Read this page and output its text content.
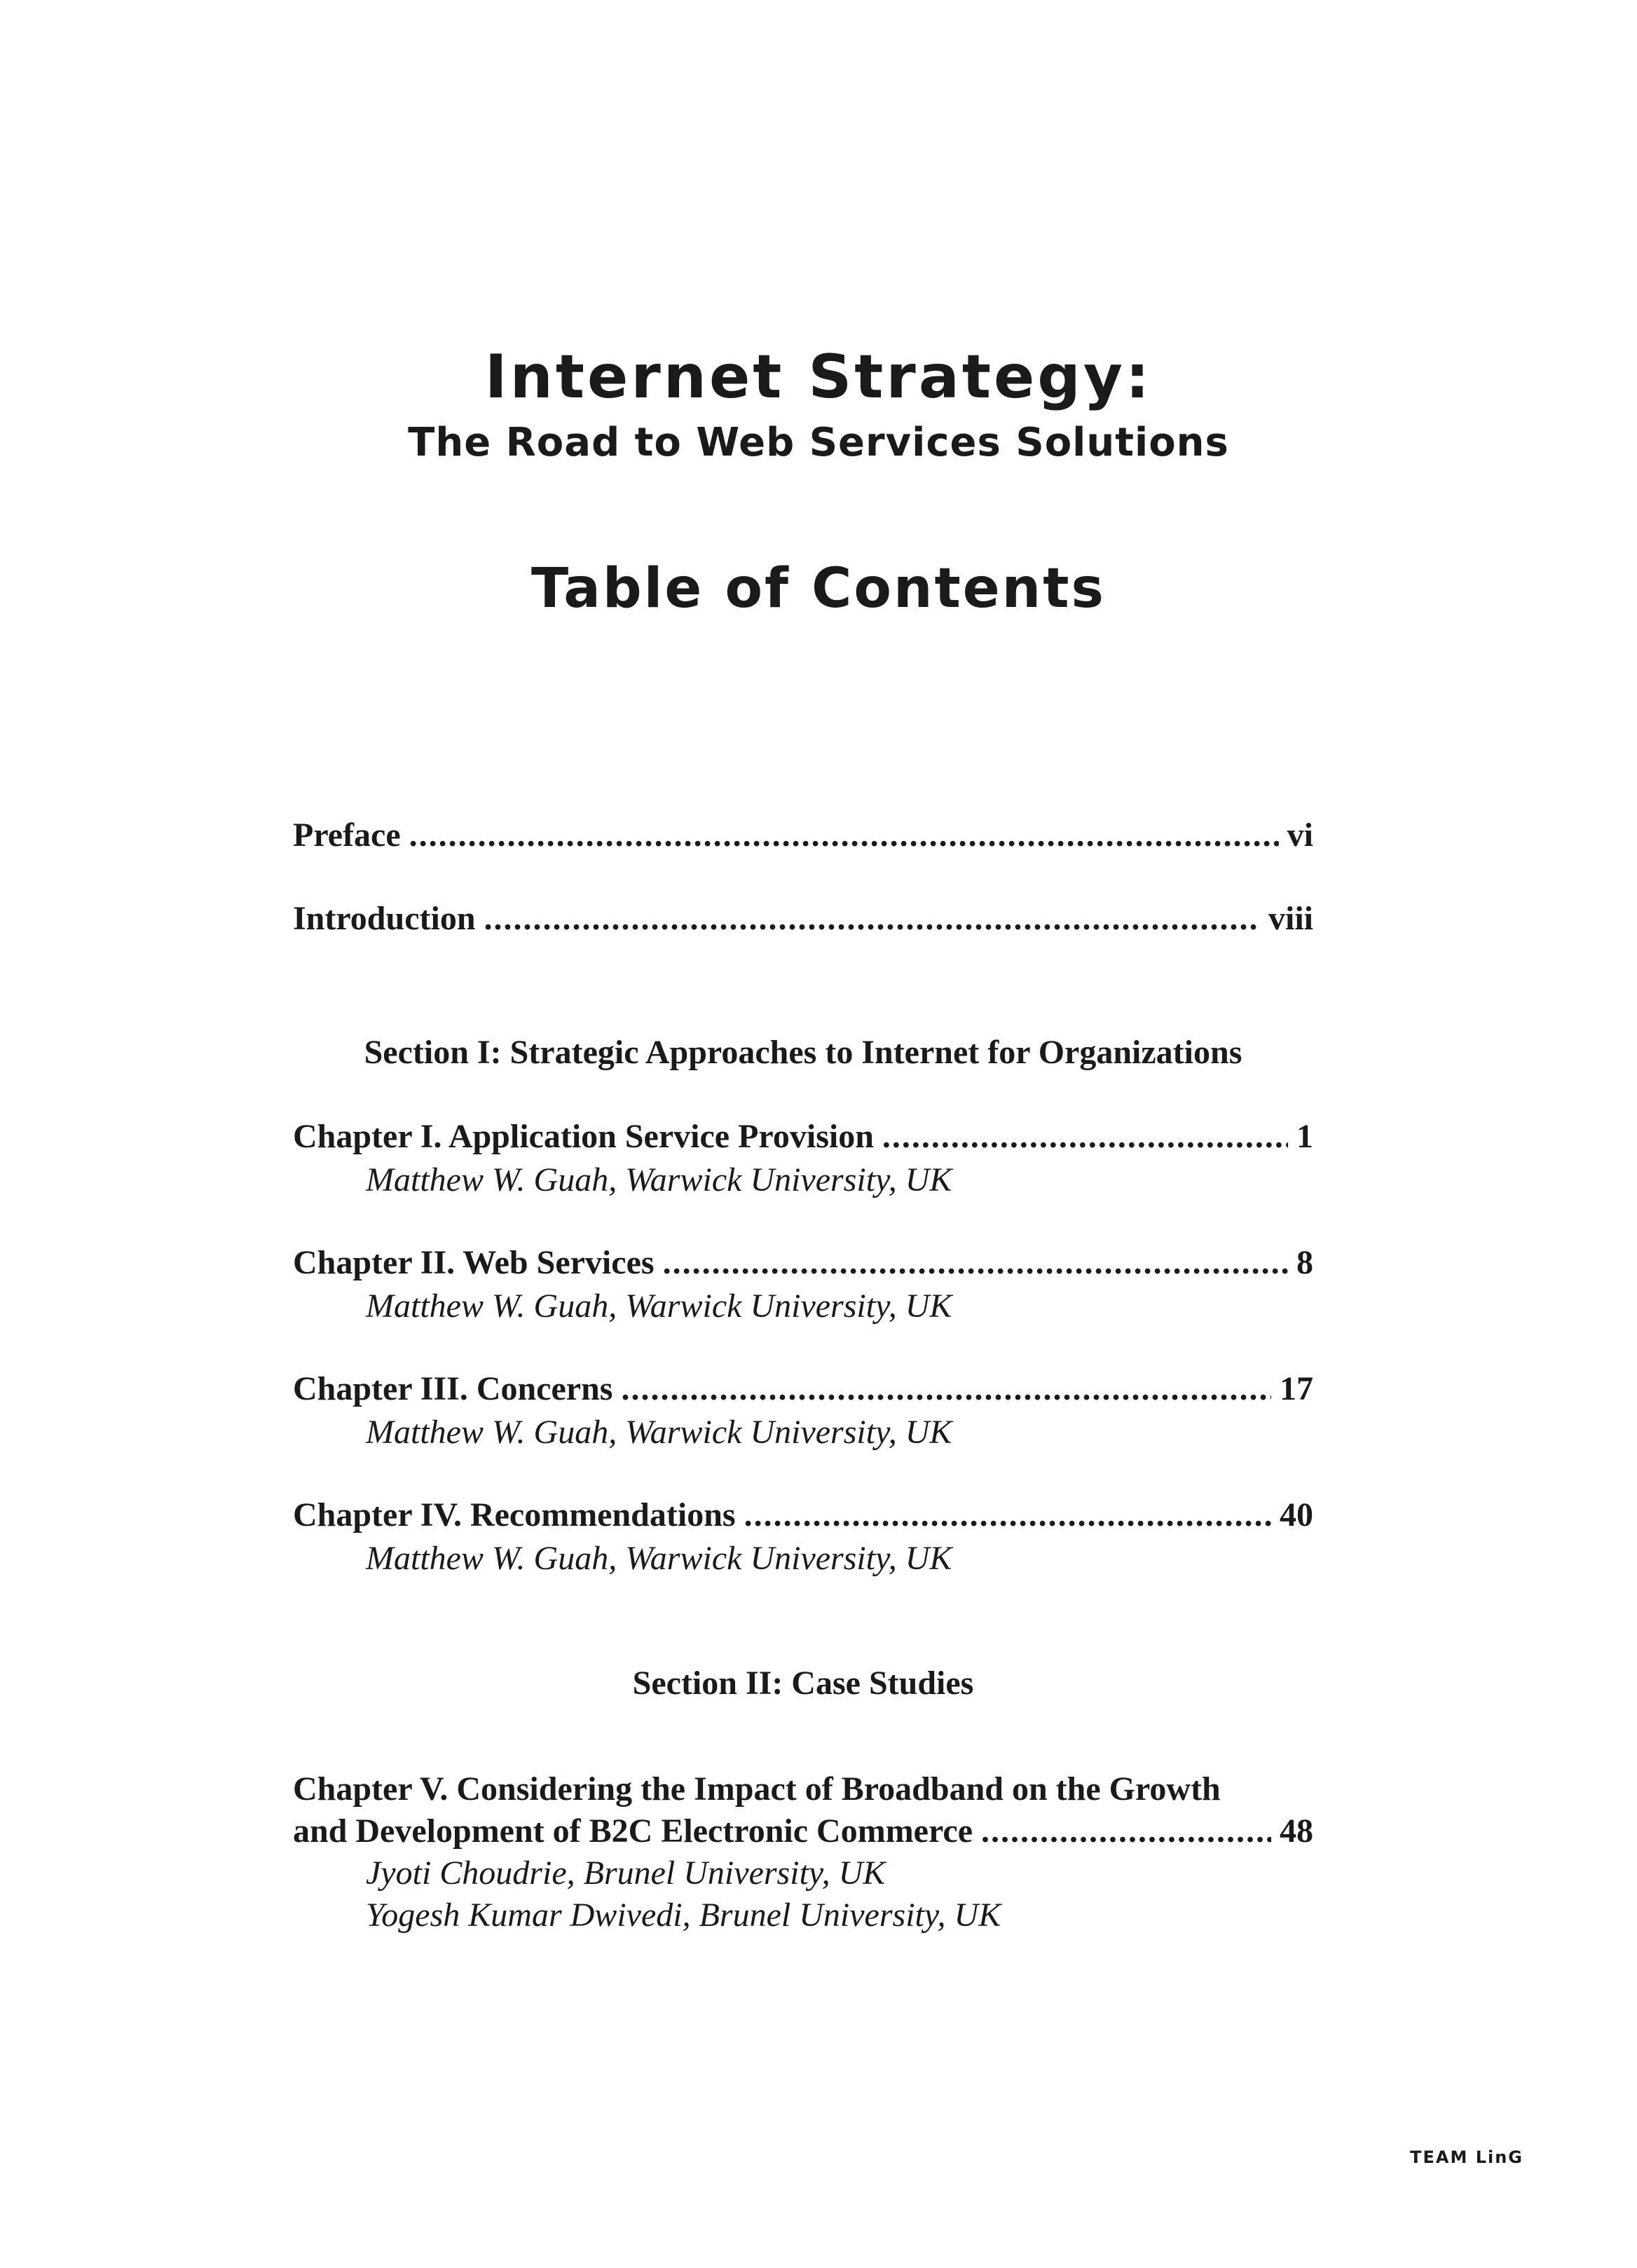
Internet Strategy:
The Road to Web Services Solutions
Table of Contents
Preface .....	vi
Introduction .....	viii
Section I: Strategic Approaches to Internet for Organizations
Chapter I. Application Service Provision .....	1
Matthew W. Guah, Warwick University, UK
Chapter II. Web Services .....	8
Matthew W. Guah, Warwick University, UK
Chapter III. Concerns .....	17
Matthew W. Guah, Warwick University, UK
Chapter IV. Recommendations .....	40
Matthew W. Guah, Warwick University, UK
Section II: Case Studies
Chapter V. Considering the Impact of Broadband on the Growth
and Development of B2C Electronic Commerce .....	48
Jyoti Choudrie, Brunel University, UK
Yogesh Kumar Dwivedi, Brunel University, UK
TEAM LinG
